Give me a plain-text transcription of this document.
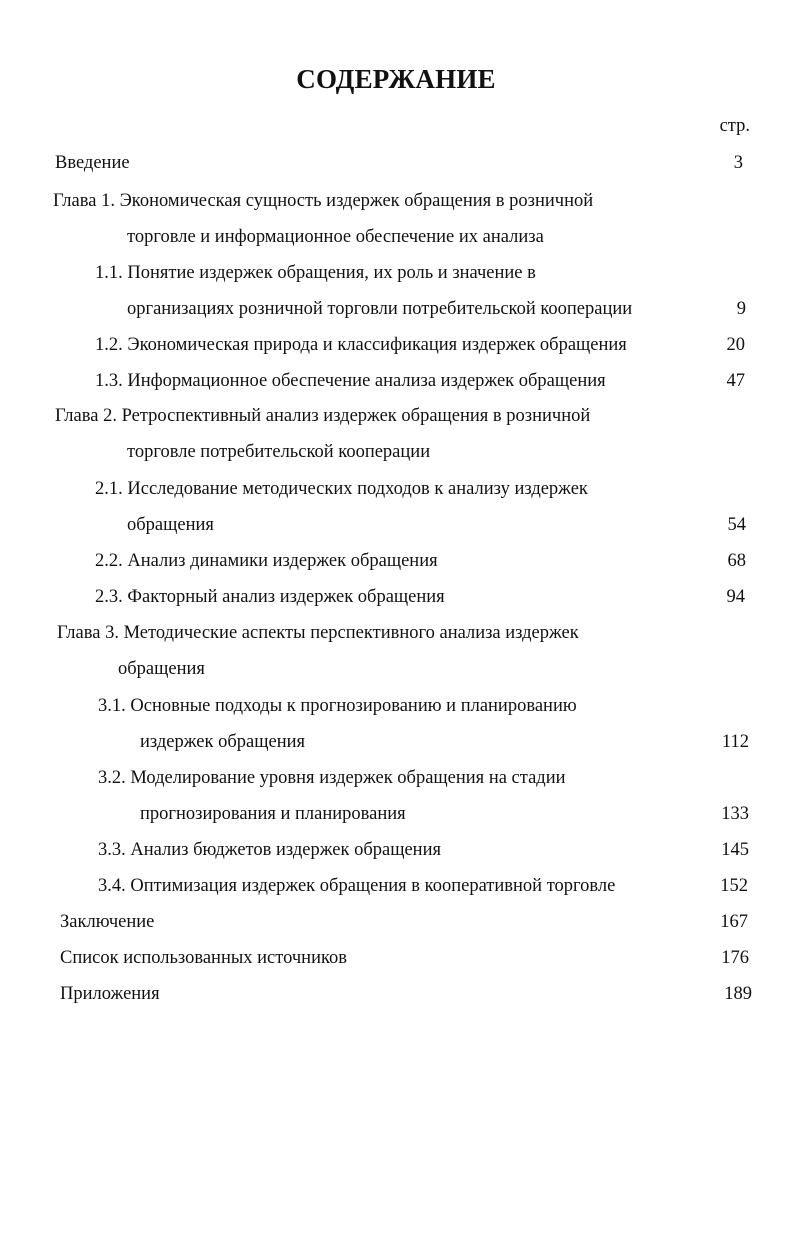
СОДЕРЖАНИЕ
стр.
Введение	3
Глава 1. Экономическая сущность издержек обращения в розничной
торговле и информационное обеспечение их анализа
1.1. Понятие издержек обращения, их роль и значение в
организациях розничной торговли потребительской кооперации	9
1.2. Экономическая природа и классификация издержек обращения	20
1.3. Информационное обеспечение анализа издержек обращения	47
Глава 2. Ретроспективный анализ издержек обращения в розничной
торговле потребительской кооперации
2.1. Исследование методических подходов к анализу издержек
обращения	54
2.2. Анализ динамики издержек обращения	68
2.3. Факторный анализ издержек обращения	94
Глава 3. Методические аспекты перспективного анализа издержек
обращения
3.1. Основные подходы к прогнозированию и планированию
издержек обращения	112
3.2. Моделирование уровня издержек обращения на стадии
прогнозирования и планирования	133
3.3. Анализ бюджетов издержек обращения	145
3.4. Оптимизация издержек обращения в кооперативной торговле	152
Заключение	167
Список использованных источников	176
Приложения	189
